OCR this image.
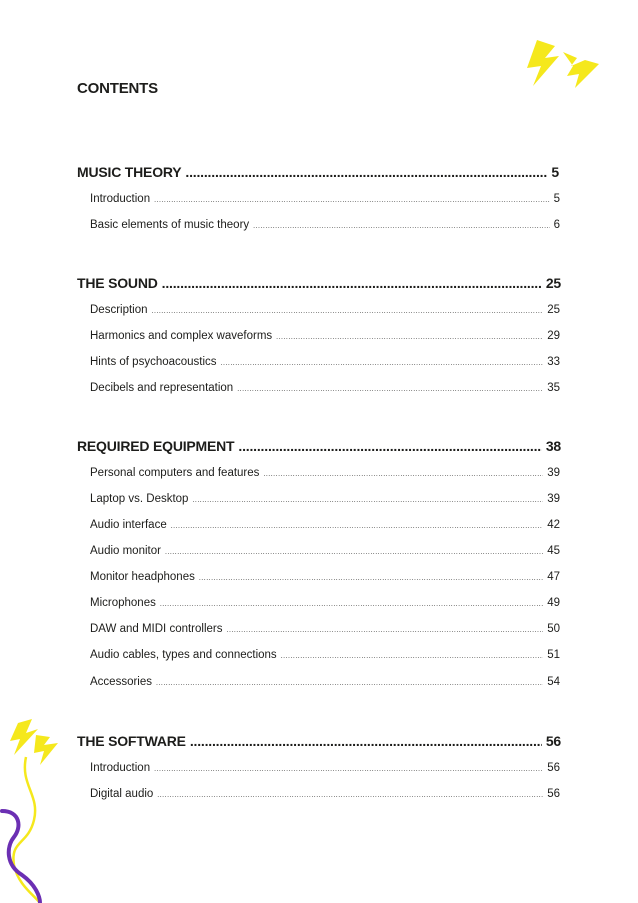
CONTENTS
MUSIC THEORY .....	5
Introduction .....	5
Basic elements of music theory .....	6
THE SOUND .....	25
Description .....	25
Harmonics and complex waveforms .....	29
Hints of psychoacoustics .....	33
Decibels and representation .....	35
REQUIRED EQUIPMENT .....	38
Personal computers and features .....	39
Laptop vs. Desktop .....	39
Audio interface .....	42
Audio monitor .....	45
Monitor headphones .....	47
Microphones .....	49
DAW and MIDI controllers .....	50
Audio cables, types and connections .....	51
Accessories .....	54
THE SOFTWARE .....	56
Introduction .....	56
Digital audio .....	56
